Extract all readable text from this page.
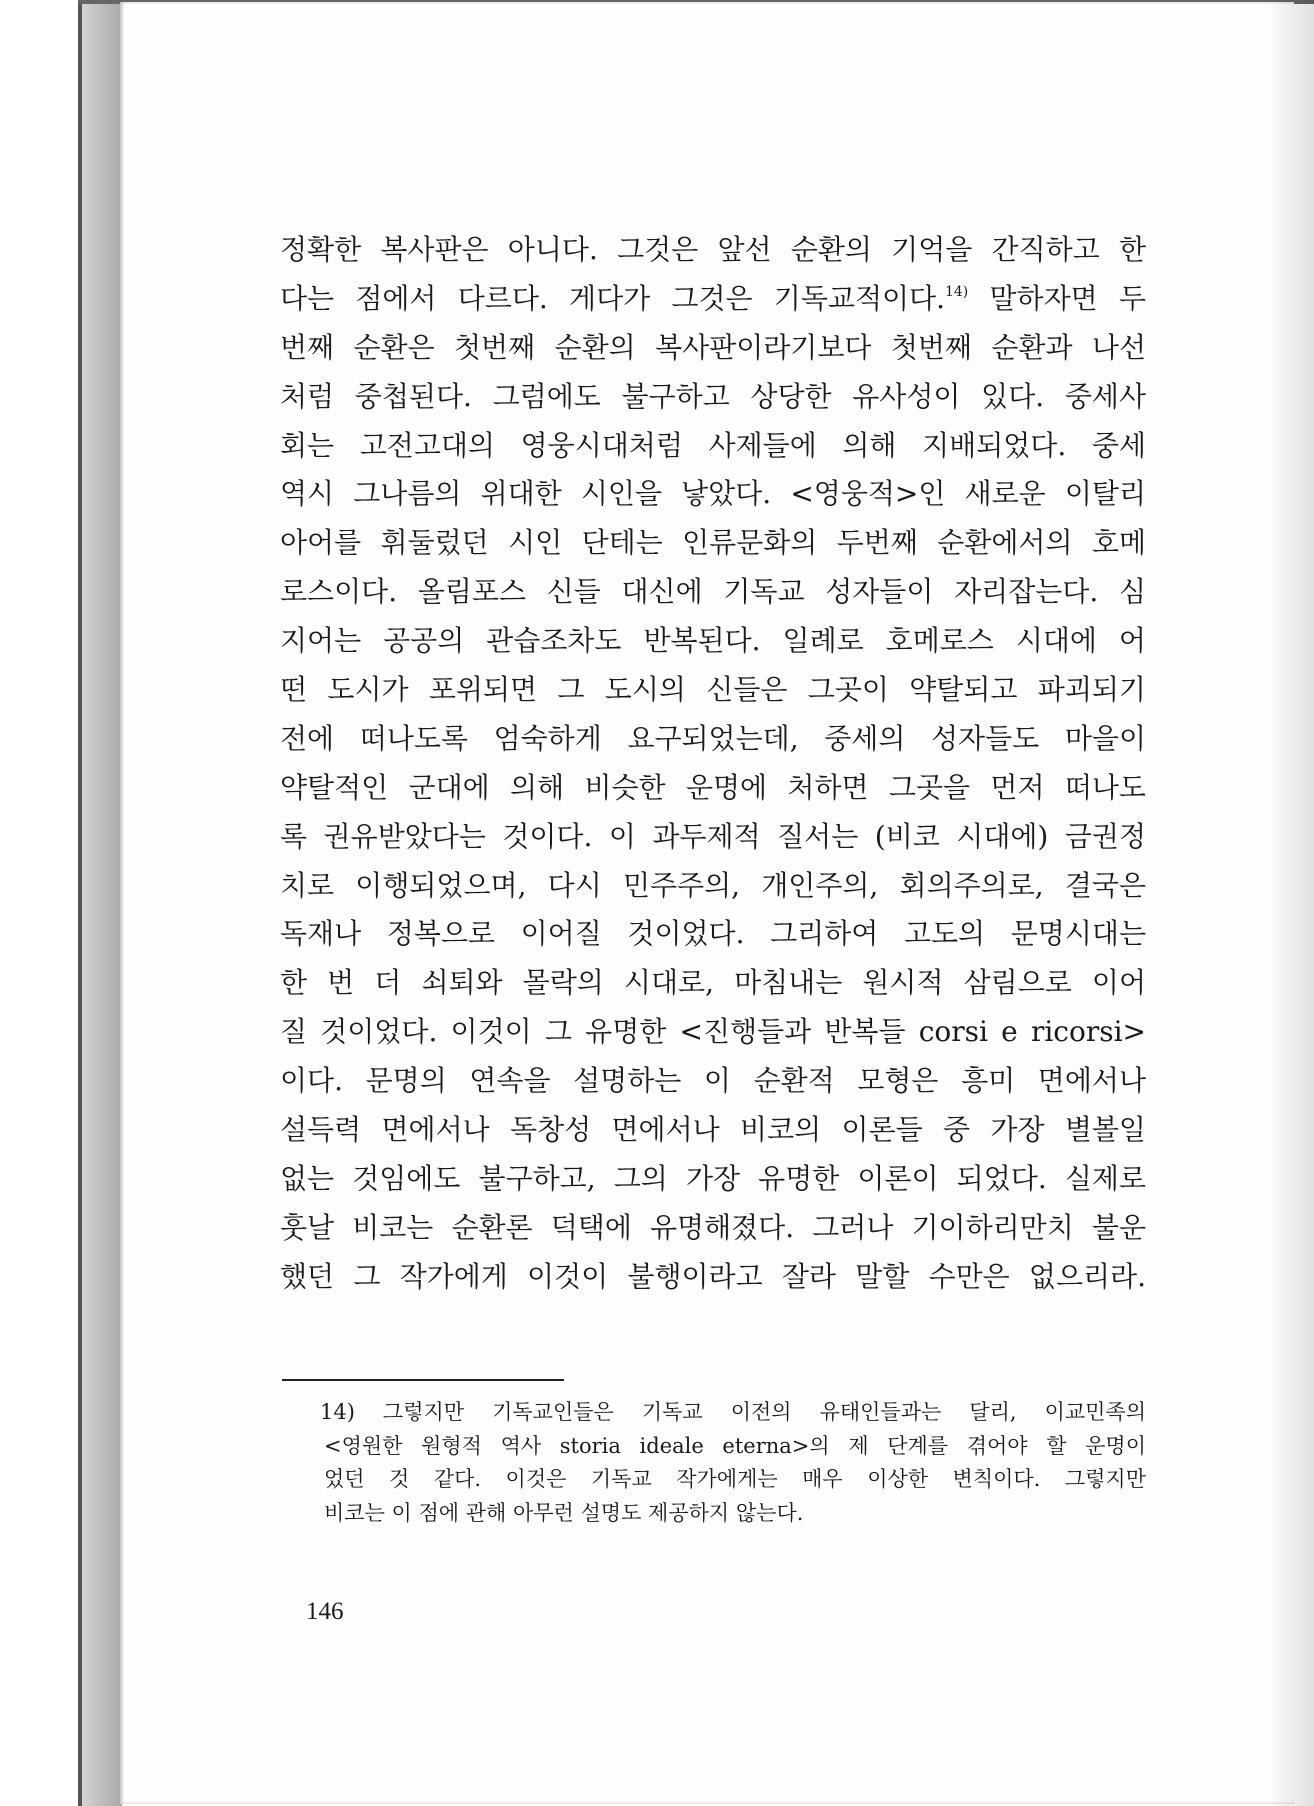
정확한 복사판은 아니다. 그것은 앞선 순환의 기억을 간직하고 한
다는 점에서 다르다. 게다가 그것은 기독교적이다.$^{14)}$ 말하자면 두
번째 순환은 첫번째 순환의 복사판이라기보다 첫번째 순환과 나선
처럼 중첩된다. 그럼에도 불구하고 상당한 유사성이 있다. 중세사
회는 고전고대의 영웅시대처럼 사제들에 의해 지배되었다. 중세
역시 그나름의 위대한 시인을 낳았다. <영웅적>인 새로운 이탈리
아어를 휘둘렀던 시인 단테는 인류문화의 두번째 순환에서의 호메
로스이다. 올림포스 신들 대신에 기독교 성자들이 자리잡는다. 심
지어는 공공의 관습조차도 반복된다. 일례로 호메로스 시대에 어
떤 도시가 포위되면 그 도시의 신들은 그곳이 약탈되고 파괴되기
전에 떠나도록 엄숙하게 요구되었는데, 중세의 성자들도 마을이
약탈적인 군대에 의해 비슷한 운명에 처하면 그곳을 먼저 떠나도
록 권유받았다는 것이다. 이 과두제적 질서는 (비코 시대에) 금권정
치로 이행되었으며, 다시 민주주의, 개인주의, 회의주의로, 결국은
독재나 정복으로 이어질 것이었다. 그리하여 고도의 문명시대는
한 번 더 쇠퇴와 몰락의 시대로, 마침내는 원시적 삼림으로 이어
질 것이었다. 이것이 그 유명한 <진행들과 반복들 corsi e ricorsi>
이다. 문명의 연속을 설명하는 이 순환적 모형은 흥미 면에서나
설득력 면에서나 독창성 면에서나 비코의 이론들 중 가장 별볼일
없는 것임에도 불구하고, 그의 가장 유명한 이론이 되었다. 실제로
훗날 비코는 순환론 덕택에 유명해졌다. 그러나 기이하리만치 불운
했던 그 작가에게 이것이 불행이라고 잘라 말할 수만은 없으리라.
14) 그렇지만 기독교인들은 기독교 이전의 유태인들과는 달리, 이교민족의
<영원한 원형적 역사 storia ideale eterna>의 제 단계를 겪어야 할 운명이
었던 것 같다. 이것은 기독교 작가에게는 매우 이상한 변칙이다. 그렇지만
비코는 이 점에 관해 아무런 설명도 제공하지 않는다.
146
